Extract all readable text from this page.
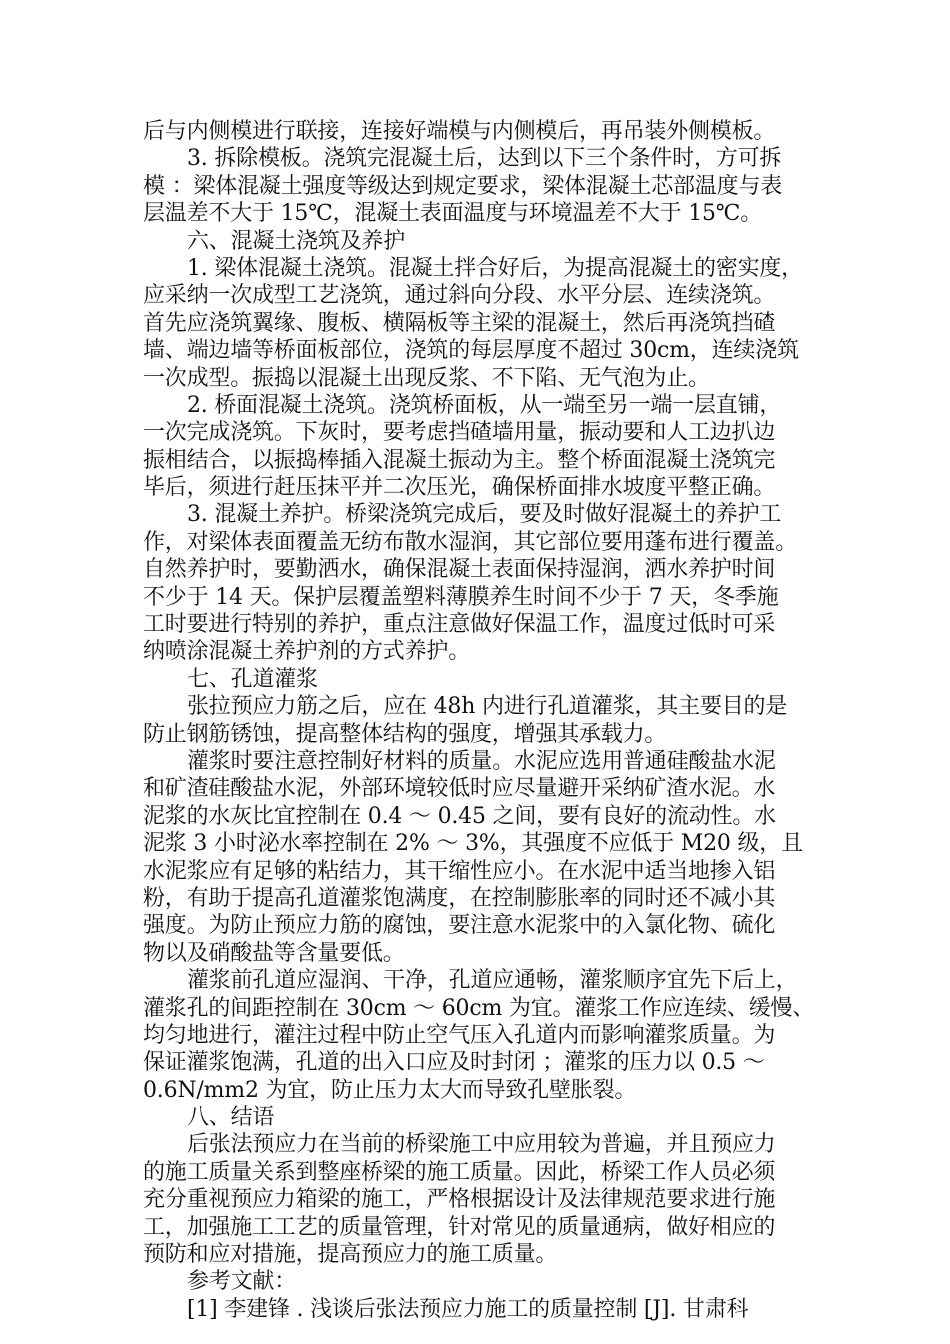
后与内侧模进行联接，连接好端模与内侧模后，再吊装外侧模板。
3. 拆除模板。浇筑完混凝土后，达到以下三个条件时，方可拆
模 ：梁体混凝土强度等级达到规定要求，梁体混凝土芯部温度与表
层温差不大于 15℃，混凝土表面温度与环境温差不大于 15℃。
六、混凝土浇筑及养护
1. 梁体混凝土浇筑。混凝土拌合好后，为提高混凝土的密实度，
应采纳一次成型工艺浇筑，通过斜向分段、水平分层、连续浇筑。
首先应浇筑翼缘、腹板、横隔板等主梁的混凝土，然后再浇筑挡碴
墙、端边墙等桥面板部位，浇筑的每层厚度不超过 30cm，连续浇筑
一次成型。振捣以混凝土出现反浆、不下陷、无气泡为止。
2. 桥面混凝土浇筑。浇筑桥面板，从一端至另一端一层直铺，
一次完成浇筑。下灰时，要考虑挡碴墙用量，振动要和人工边扒边
振相结合，以振捣棒插入混凝土振动为主。整个桥面混凝土浇筑完
毕后，须进行赶压抹平并二次压光，确保桥面排水坡度平整正确。
3. 混凝土养护。桥梁浇筑完成后，要及时做好混凝土的养护工
作，对梁体表面覆盖无纺布散水湿润，其它部位要用蓬布进行覆盖。
自然养护时，要勤洒水，确保混凝土表面保持湿润，洒水养护时间
不少于 14 天。保护层覆盖塑料薄膜养生时间不少于 7 天，冬季施
工时要进行特别的养护，重点注意做好保温工作，温度过低时可采
纳喷涂混凝土养护剂的方式养护。
七、孔道灌浆
张拉预应力筋之后，应在 48h 内进行孔道灌浆，其主要目的是
防止钢筋锈蚀，提高整体结构的强度，增强其承载力。
灌浆时要注意控制好材料的质量。水泥应选用普通硅酸盐水泥
和矿渣硅酸盐水泥，外部环境较低时应尽量避开采纳矿渣水泥。水
泥浆的水灰比宜控制在 0.4 ～ 0.45 之间，要有良好的流动性。水
泥浆 3 小时泌水率控制在 2% ～ 3%，其强度不应低于 M20 级，且
水泥浆应有足够的粘结力，其干缩性应小。在水泥中适当地掺入铝
粉，有助于提高孔道灌浆饱满度，在控制膨胀率的同时还不减小其
强度。为防止预应力筋的腐蚀，要注意水泥浆中的入氯化物、硫化
物以及硝酸盐等含量要低。
灌浆前孔道应湿润、干净，孔道应通畅，灌浆顺序宜先下后上，
灌浆孔的间距控制在 30cm ～ 60cm 为宜。灌浆工作应连续、缓慢、
均匀地进行，灌注过程中防止空气压入孔道内而影响灌浆质量。为
保证灌浆饱满，孔道的出入口应及时封闭 ；灌浆的压力以 0.5 ～
0.6N/mm2 为宜，防止压力太大而导致孔壁胀裂。
八、结语
后张法预应力在当前的桥梁施工中应用较为普遍，并且预应力
的施工质量关系到整座桥梁的施工质量。因此，桥梁工作人员必须
充分重视预应力箱梁的施工，严格根据设计及法律规范要求进行施
工，加强施工工艺的质量管理，针对常见的质量通病，做好相应的
预防和应对措施，提高预应力的施工质量。
参考文献：
[1] 李建锋 . 浅谈后张法预应力施工的质量控制 [J]. 甘肃科
